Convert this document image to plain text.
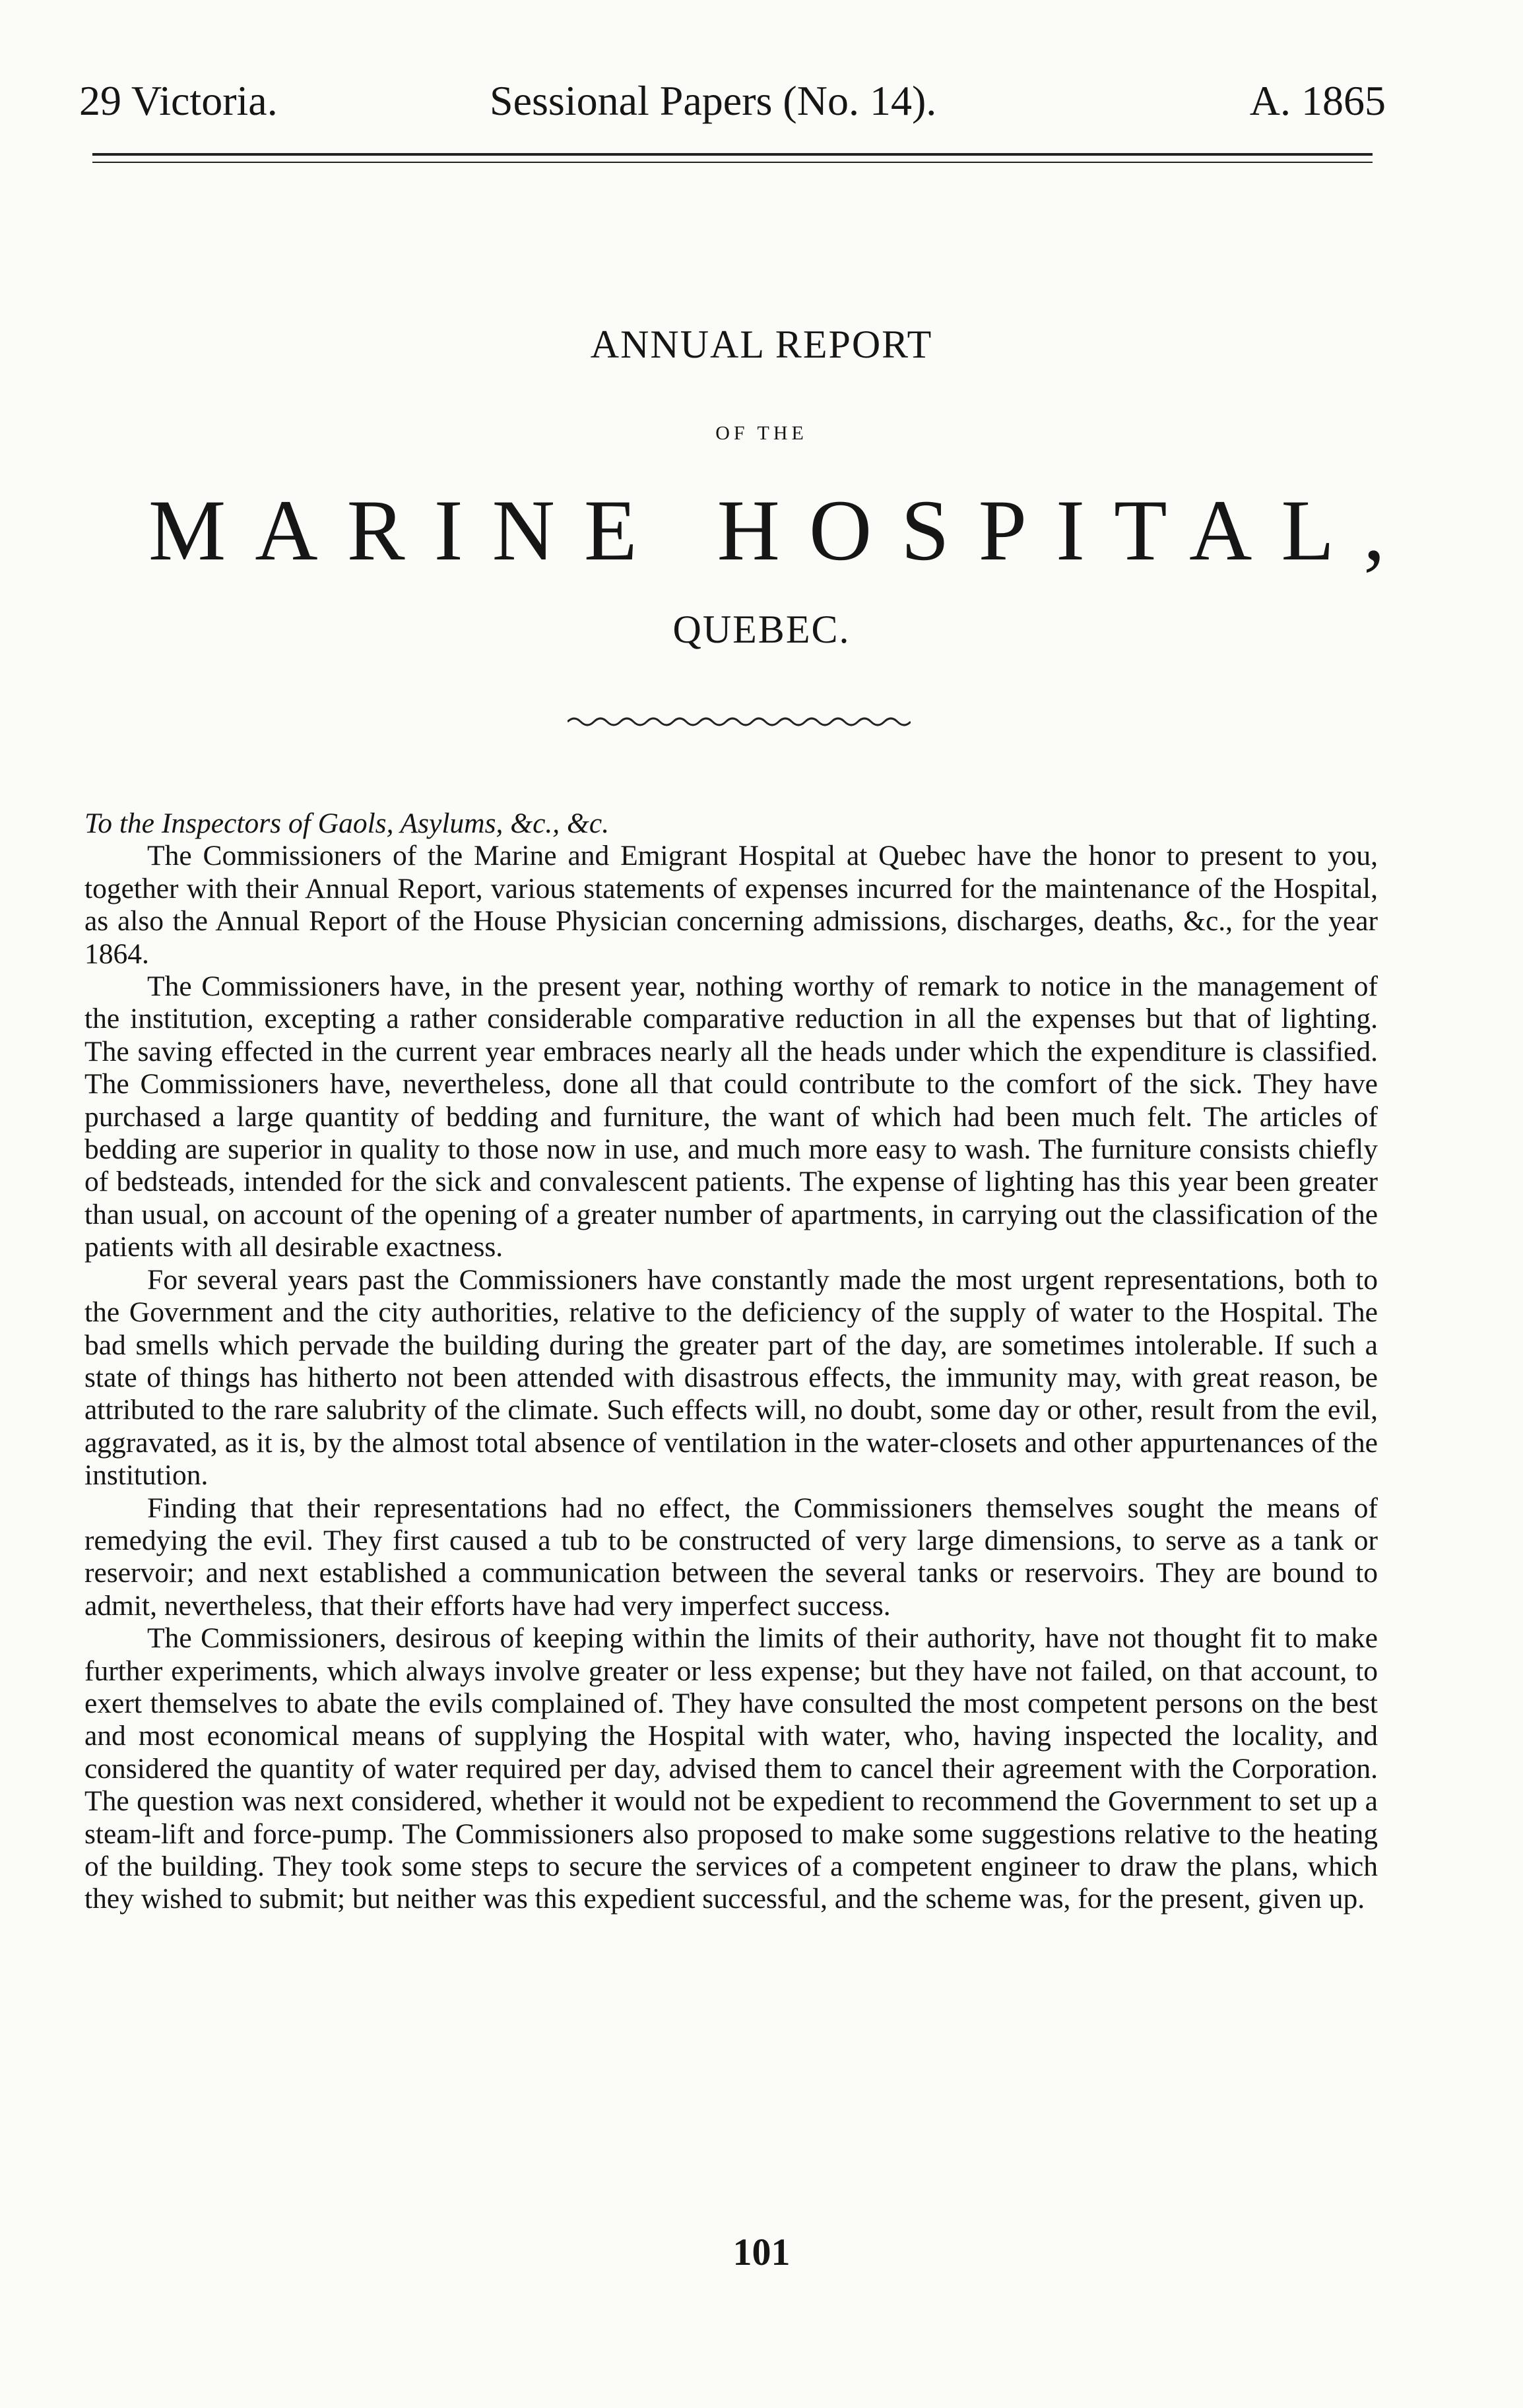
29 Victoria.	Sessional Papers (No. 14).	A. 1865
ANNUAL REPORT
OF THE
MARINE HOSPITAL,
QUEBEC.

To the Inspectors of Gaols, Asylums, &c., &c.

The Commissioners of the Marine and Emigrant Hospital at Quebec have the honor to present to you, together with their Annual Report, various statements of expenses incurred for the maintenance of the Hospital, as also the Annual Report of the House Physician concerning admissions, discharges, deaths, &c., for the year 1864.

The Commissioners have, in the present year, nothing worthy of remark to notice in the management of the institution, excepting a rather considerable comparative reduction in all the expenses but that of lighting. The saving effected in the current year embraces nearly all the heads under which the expenditure is classified. The Commissioners have, nevertheless, done all that could contribute to the comfort of the sick. They have purchased a large quantity of bedding and furniture, the want of which had been much felt. The articles of bedding are superior in quality to those now in use, and much more easy to wash. The furniture consists chiefly of bedsteads, intended for the sick and convalescent patients. The expense of lighting has this year been greater than usual, on account of the opening of a greater number of apartments, in carrying out the classification of the patients with all desirable exactness.

For several years past the Commissioners have constantly made the most urgent representations, both to the Government and the city authorities, relative to the deficiency of the supply of water to the Hospital. The bad smells which pervade the building during the greater part of the day, are sometimes intolerable. If such a state of things has hitherto not been attended with disastrous effects, the immunity may, with great reason, be attributed to the rare salubrity of the climate. Such effects will, no doubt, some day or other, result from the evil, aggravated, as it is, by the almost total absence of ventilation in the water-closets and other appurtenances of the institution.

Finding that their representations had no effect, the Commissioners themselves sought the means of remedying the evil. They first caused a tub to be constructed of very large dimensions, to serve as a tank or reservoir; and next established a communication between the several tanks or reservoirs. They are bound to admit, nevertheless, that their efforts have had very imperfect success.

The Commissioners, desirous of keeping within the limits of their authority, have not thought fit to make further experiments, which always involve greater or less expense; but they have not failed, on that account, to exert themselves to abate the evils complained of. They have consulted the most competent persons on the best and most economical means of supplying the Hospital with water, who, having inspected the locality, and considered the quantity of water required per day, advised them to cancel their agreement with the Corporation. The question was next considered, whether it would not be expedient to recommend the Government to set up a steam-lift and force-pump. The Commissioners also proposed to make some suggestions relative to the heating of the building. They took some steps to secure the services of a competent engineer to draw the plans, which they wished to submit; but neither was this expedient successful, and the scheme was, for the present, given up.

101
